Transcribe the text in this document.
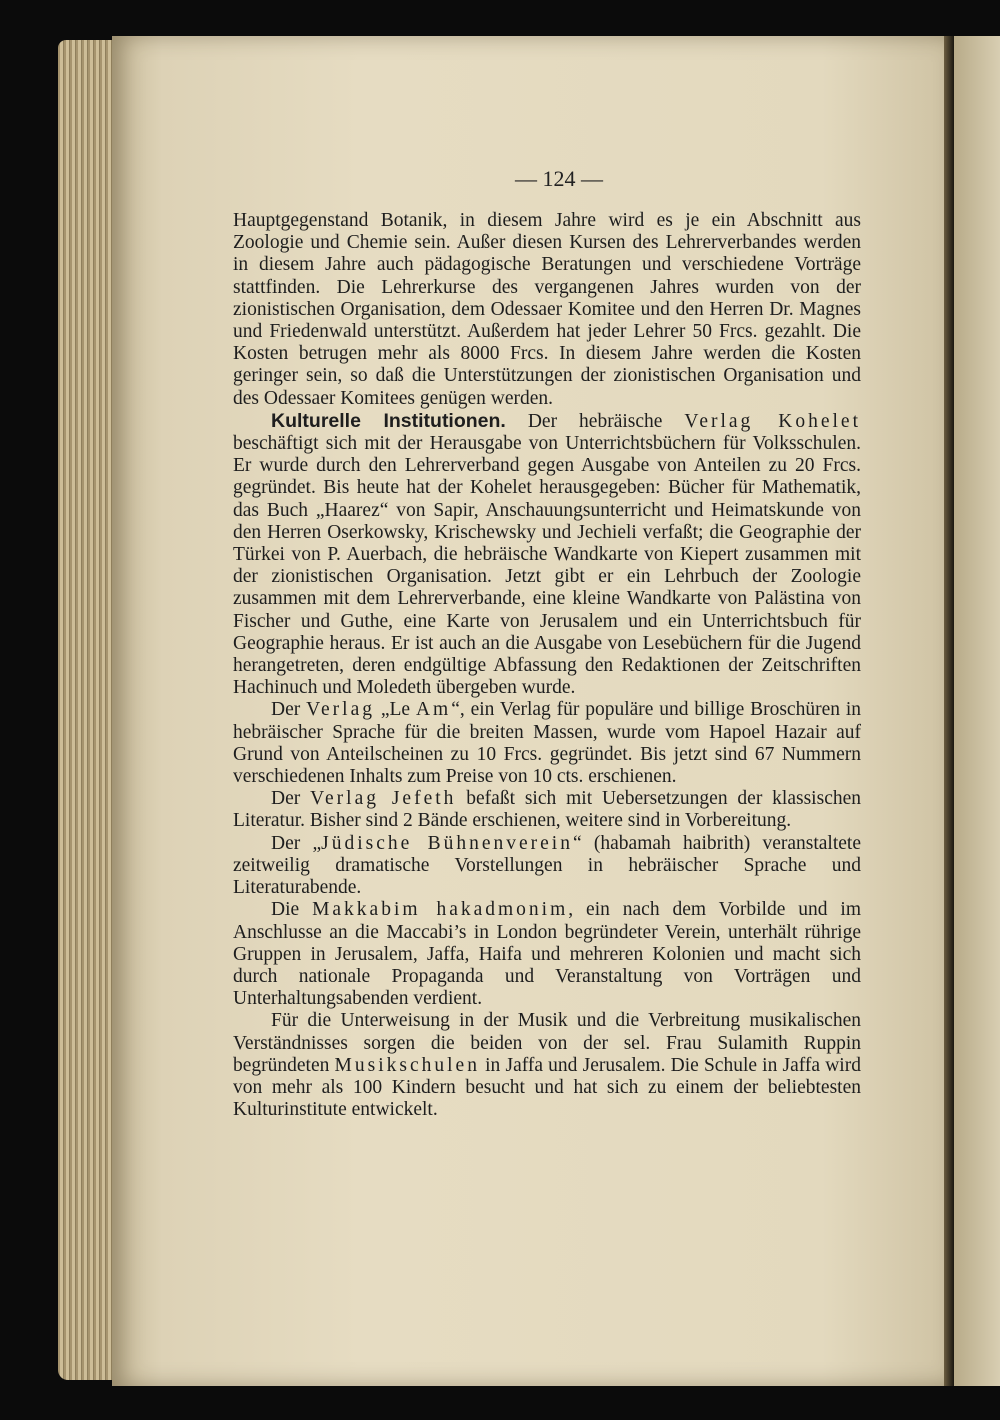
— 124 —

Hauptgegenstand Botanik, in diesem Jahre wird es je ein Abschnitt aus Zoologie und Chemie sein. Außer diesen Kursen des Lehrerverbandes werden in diesem Jahre auch pädagogische Beratungen und verschiedene Vorträge stattfinden. Die Lehrerkurse des vergangenen Jahres wurden von der zionistischen Organisation, dem Odessaer Komitee und den Herren Dr. Magnes und Friedenwald unterstützt. Außerdem hat jeder Lehrer 50 Frcs. gezahlt. Die Kosten betrugen mehr als 8000 Frcs. In diesem Jahre werden die Kosten geringer sein, so daß die Unterstützungen der zionistischen Organisation und des Odessaer Komitees genügen werden.

Kulturelle Institutionen. Der hebräische Verlag Kohelet beschäftigt sich mit der Herausgabe von Unterrichtsbüchern für Volksschulen. Er wurde durch den Lehrerverband gegen Ausgabe von Anteilen zu 20 Frcs. gegründet. Bis heute hat der Kohelet herausgegeben: Bücher für Mathematik, das Buch „Haarez“ von Sapir, Anschauungsunterricht und Heimatskunde von den Herren Oserkowsky, Krischewsky und Jechieli verfaßt; die Geographie der Türkei von P. Auerbach, die hebräische Wandkarte von Kiepert zusammen mit der zionistischen Organisation. Jetzt gibt er ein Lehrbuch der Zoologie zusammen mit dem Lehrerverbande, eine kleine Wandkarte von Palästina von Fischer und Guthe, eine Karte von Jerusalem und ein Unterrichtsbuch für Geographie heraus. Er ist auch an die Ausgabe von Lesebüchern für die Jugend herangetreten, deren endgültige Abfassung den Redaktionen der Zeitschriften Hachinuch und Moledeth übergeben wurde.

Der Verlag „Le Am“, ein Verlag für populäre und billige Broschüren in hebräischer Sprache für die breiten Massen, wurde vom Hapoel Hazair auf Grund von Anteilscheinen zu 10 Frcs. gegründet. Bis jetzt sind 67 Nummern verschiedenen Inhalts zum Preise von 10 cts. erschienen.

Der Verlag Jefeth befaßt sich mit Uebersetzungen der klassischen Literatur. Bisher sind 2 Bände erschienen, weitere sind in Vorbereitung.

Der „Jüdische Bühnenverein“ (habamah haibrith) veranstaltete zeitweilig dramatische Vorstellungen in hebräischer Sprache und Literaturabende.

Die Makkabim hakadmonim, ein nach dem Vorbilde und im Anschlusse an die Maccabi’s in London begründeter Verein, unterhält rührige Gruppen in Jerusalem, Jaffa, Haifa und mehreren Kolonien und macht sich durch nationale Propaganda und Veranstaltung von Vorträgen und Unterhaltungsabenden verdient.

Für die Unterweisung in der Musik und die Verbreitung musikalischen Verständnisses sorgen die beiden von der sel. Frau Sulamith Ruppin begründeten Musikschulen in Jaffa und Jerusalem. Die Schule in Jaffa wird von mehr als 100 Kindern besucht und hat sich zu einem der beliebtesten Kulturinstitute entwickelt.
